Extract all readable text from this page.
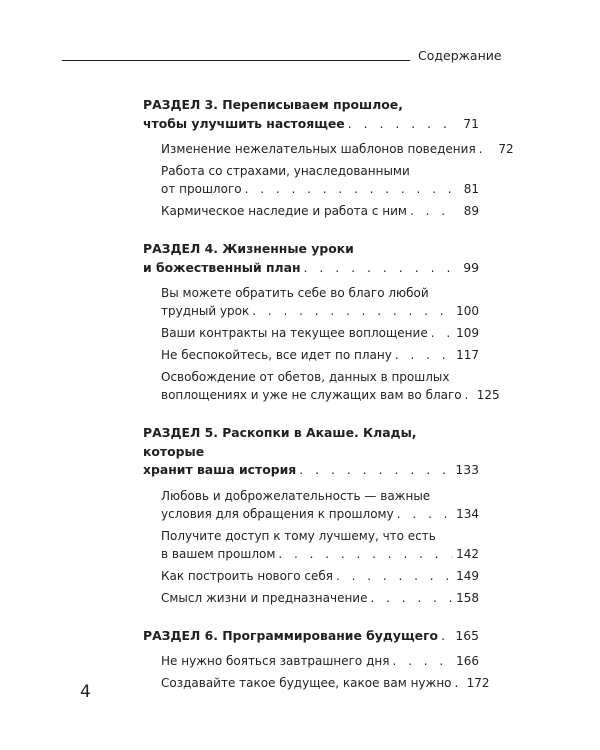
Содержание
РАЗДЕЛ 3. Переписываем прошлое,
чтобы улучшить настоящее . . .	71
Изменение нежелательных шаблонов поведения . . .	72
Работа со страхами, унаследованными
от прошлого . . .	81
Кармическое наследие и работа с ним . . .	89
РАЗДЕЛ 4. Жизненные уроки
и божественный план . . .	99
Вы можете обратить себе во благо любой
трудный урок . . .	100
Ваши контракты на текущее воплощение . . . 109
Не беспокойтесь, все идет по плану . . .	117
Освобождение от обетов, данных в прошлых
воплощениях и уже не служащих вам во благо . . . 125
РАЗДЕЛ 5. Раскопки в Акаше. Клады, которые
хранит ваша история . . .	133
Любовь и доброжелательность — важные
условия для обращения к прошлому . . .	134
Получите доступ к тому лучшему, что есть
в вашем прошлом . . .	142
Как построить нового себя . . .	149
Смысл жизни и предназначение . . .	158
РАЗДЕЛ 6. Программирование будущего . . . 165
Не нужно бояться завтрашнего дня . . .	166
Создавайте такое будущее, какое вам нужно . . . 172
4
